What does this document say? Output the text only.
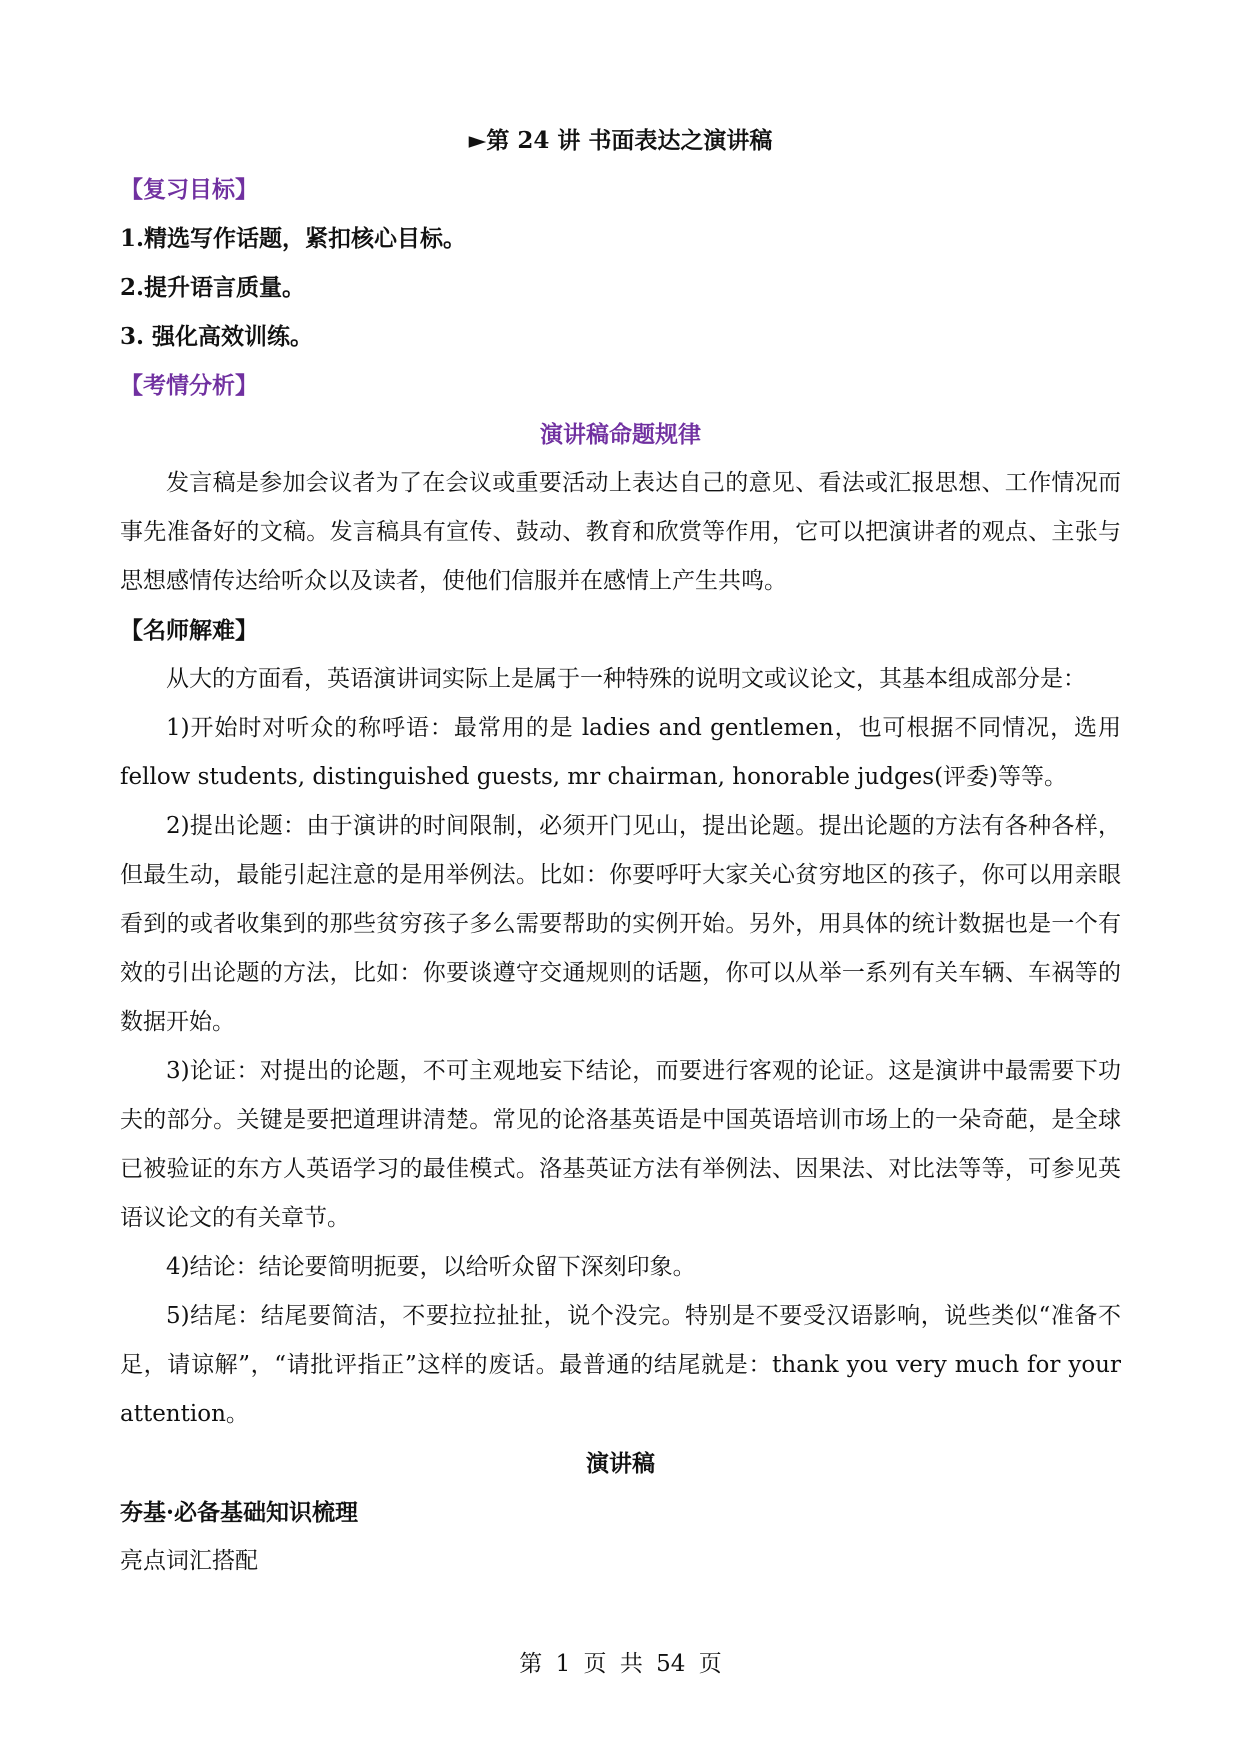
►第 24 讲 书面表达之演讲稿
【复习目标】
1.精选写作话题，紧扣核心目标。
2.提升语言质量。
3. 强化高效训练。
【考情分析】
演讲稿命题规律

发言稿是参加会议者为了在会议或重要活动上表达自己的意见、看法或汇报思想、工作情况而事先准备好的文稿。发言稿具有宣传、鼓动、教育和欣赏等作用，它可以把演讲者的观点、主张与思想感情传达给听众以及读者，使他们信服并在感情上产生共鸣。

【名师解难】

从大的方面看，英语演讲词实际上是属于一种特殊的说明文或议论文，其基本组成部分是：

1)开始时对听众的称呼语：最常用的是 ladies and gentlemen，也可根据不同情况，选用 fellow students, distinguished guests, mr chairman, honorable judges(评委)等等。

2)提出论题：由于演讲的时间限制，必须开门见山，提出论题。提出论题的方法有各种各样，但最生动，最能引起注意的是用举例法。比如：你要呼吁大家关心贫穷地区的孩子，你可以用亲眼看到的或者收集到的那些贫穷孩子多么需要帮助的实例开始。另外，用具体的统计数据也是一个有效的引出论题的方法，比如：你要谈遵守交通规则的话题，你可以从举一系列有关车辆、车祸等的数据开始。

3)论证：对提出的论题，不可主观地妄下结论，而要进行客观的论证。这是演讲中最需要下功夫的部分。关键是要把道理讲清楚。常见的论洛基英语是中国英语培训市场上的一朵奇葩，是全球已被验证的东方人英语学习的最佳模式。洛基英证方法有举例法、因果法、对比法等等，可参见英语议论文的有关章节。

4)结论：结论要简明扼要，以给听众留下深刻印象。

5)结尾：结尾要简洁，不要拉拉扯扯，说个没完。特别是不要受汉语影响，说些类似“准备不足，请谅解”，“请批评指正”这样的废话。最普通的结尾就是：thank you very much for your attention。

演讲稿
夯基·必备基础知识梳理
亮点词汇搭配
第 1 页 共 54 页
